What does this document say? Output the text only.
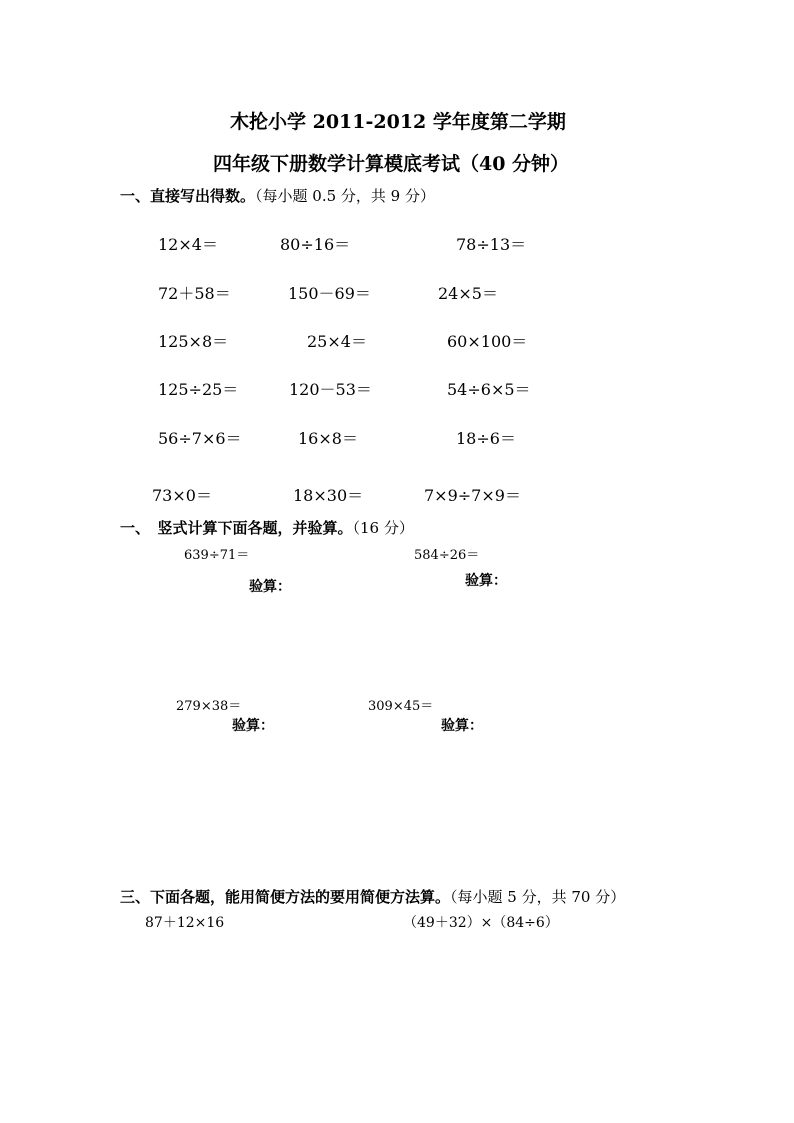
木抡小学 2011-2012 学年度第二学期
四年级下册数学计算模底考试（40 分钟）
一、直接写出得数。（每小题 0.5 分，共 9 分）
12×4＝	80÷16＝	78÷13＝
72＋58＝	150－69＝	24×5＝
125×8＝	25×4＝	60×100＝
125÷25＝	120－53＝	54÷6×5＝
56÷7×6＝	16×8＝	18÷6＝
73×0＝	18×30＝	7×9÷7×9＝
一、　竖式计算下面各题，并验算。（16 分）
639÷71＝	584÷26＝
验算：	验算：
279×38＝	309×45＝
验算：	验算：
三、下面各题，能用简便方法的要用简便方法算。（每小题 5 分，共 70 分）
87＋12×16	（49＋32）×（84÷6）
